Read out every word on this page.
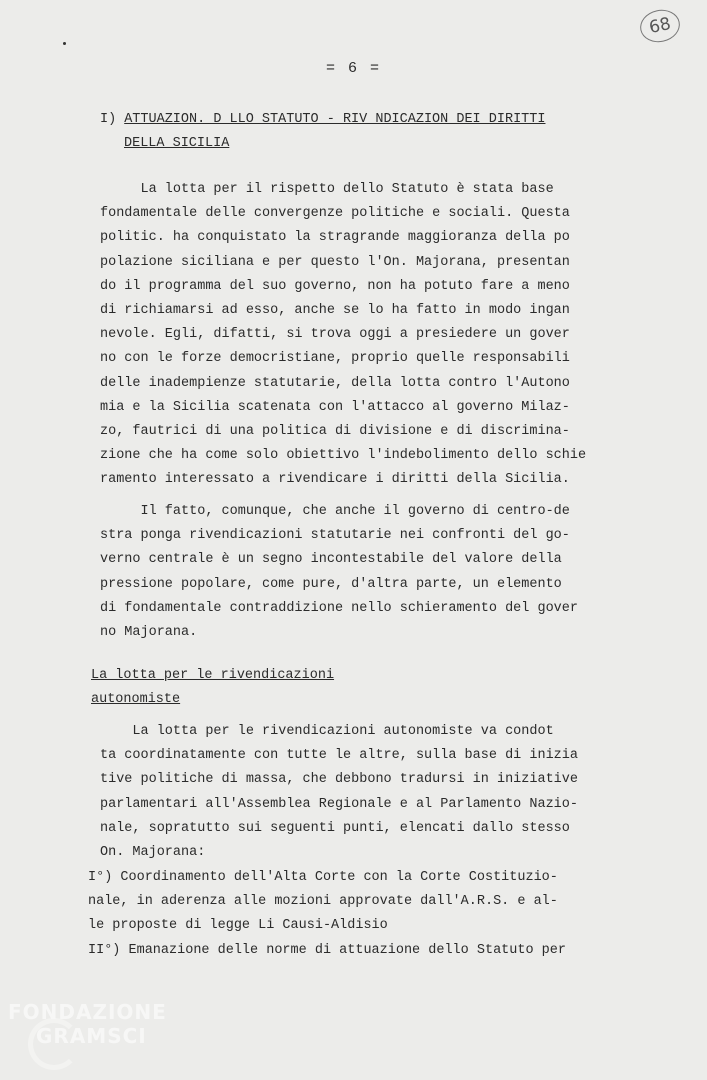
68
= 6 =
I) ATTUAZION. D LLO STATUTO - RIV NDICAZION DEI DIRITTI
DELLA SICILIA
La lotta per il rispetto dello Statuto è stata base
fondamentale delle convergenze politiche e sociali. Questa
politic. ha conquistato la stragrande maggioranza della po
polazione siciliana e per questo l'On. Majorana, presentan
do il programma del suo governo, non ha potuto fare a meno
di richiamarsi ad esso, anche se lo ha fatto in modo ingan
nevole. Egli, difatti, si trova oggi a presiedere un gover
no con le forze democristiane, proprio quelle responsabili
delle inadempienze statutarie, della lotta contro l'Autono
mia e la Sicilia scatenata con l'attacco al governo Milaz-
zo, fautrici di una politica di divisione e di discrimina-
zione che ha come solo obiettivo l'indebolimento dello schie
ramento interessato a rivendicare i diritti della Sicilia.
Il fatto, comunque, che anche il governo di centro-de
stra ponga rivendicazioni statutarie nei confronti del go-
verno centrale è un segno incontestabile del valore della
pressione popolare, come pure, d'altra parte, un elemento
di fondamentale contraddizione nello schieramento del gover
no Majorana.
La lotta per le rivendicazioni
autonomiste
La lotta per le rivendicazioni autonomiste va condot
ta coordinatamente con tutte le altre, sulla base di inizia
tive politiche di massa, che debbono tradursi in iniziative
parlamentari all'Assemblea Regionale e al Parlamento Nazio-
nale, sopratutto sui seguenti punti, elencati dallo stesso
On. Majorana:
I°) Coordinamento dell'Alta Corte con la Corte Costituzio-
nale, in aderenza alle mozioni approvate dall'A.R.S. e al-
le proposte di legge Li Causi-Aldisio
II°) Emanazione delle norme di attuazione dello Statuto per
FONDAZIONE
GRAMSCI
